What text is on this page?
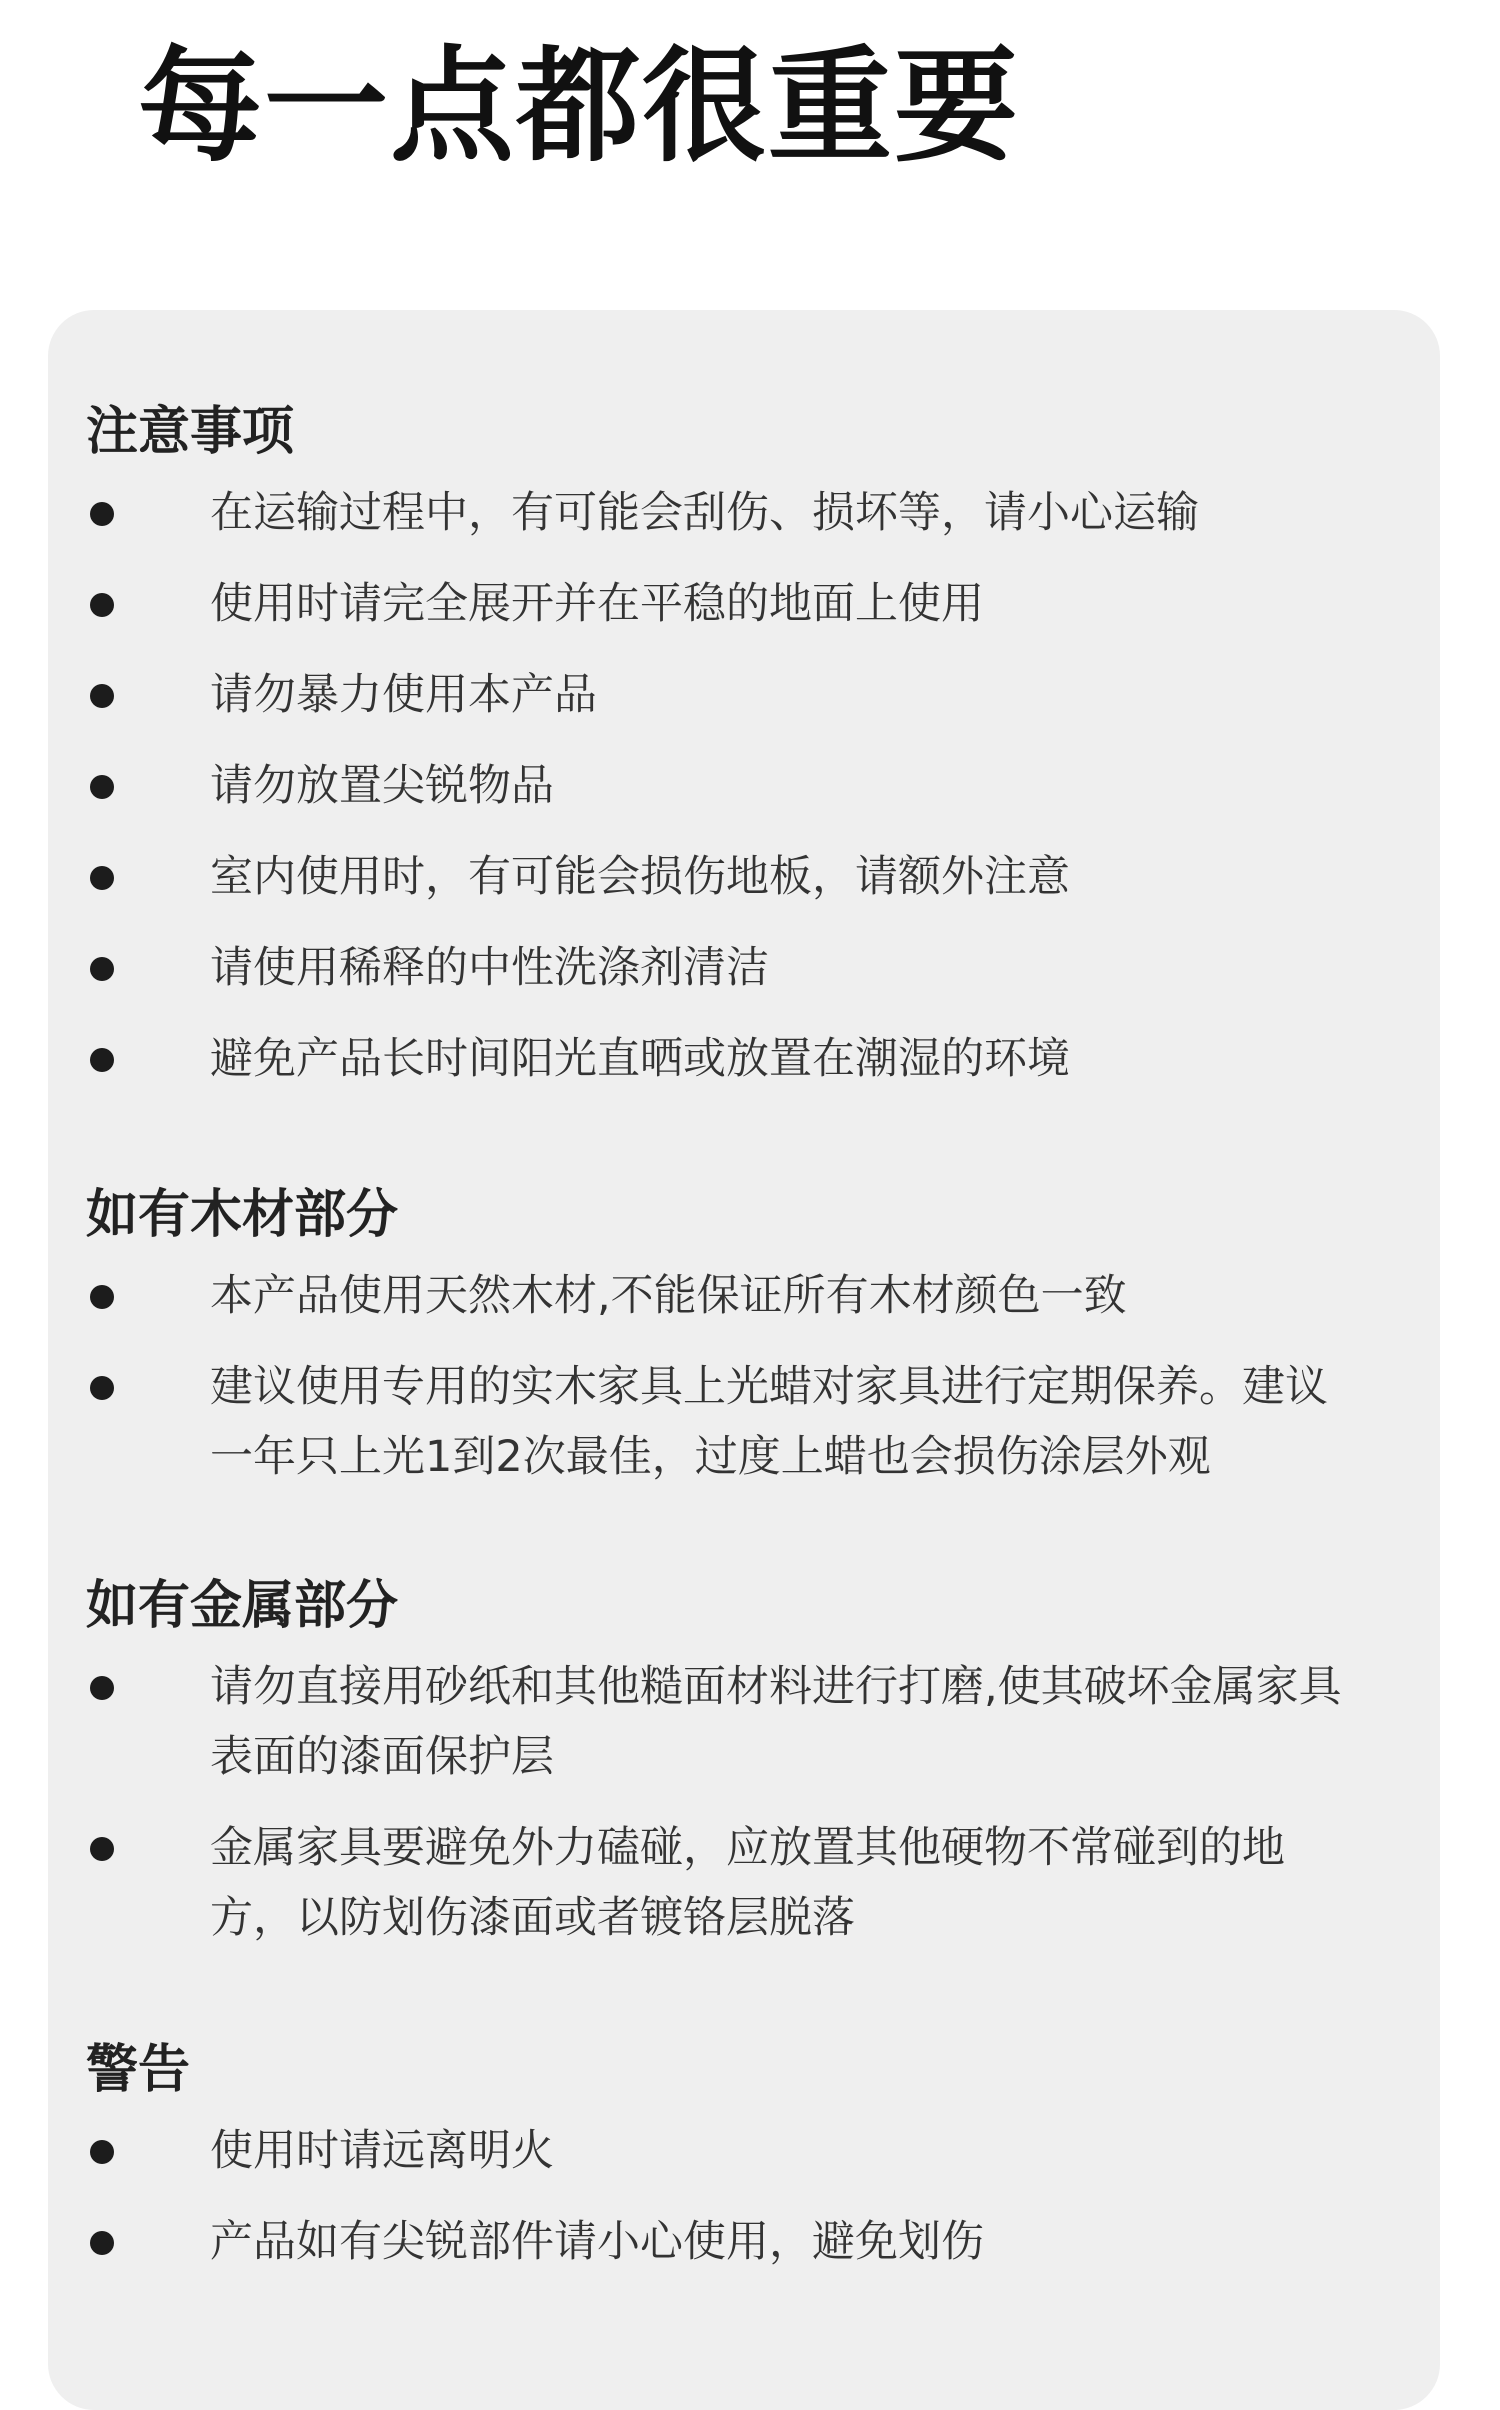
每一点都很重要
注意事项
在运输过程中，有可能会刮伤、损坏等，请小心运输
使用时请完全展开并在平稳的地面上使用
请勿暴力使用本产品
请勿放置尖锐物品
室内使用时，有可能会损伤地板，请额外注意
请使用稀释的中性洗涤剂清洁
避免产品长时间阳光直晒或放置在潮湿的环境
如有木材部分
本产品使用天然木材,不能保证所有木材颜色一致
建议使用专用的实木家具上光蜡对家具进行定期保养。建议一年只上光1到2次最佳，过度上蜡也会损伤涂层外观
如有金属部分
请勿直接用砂纸和其他糙面材料进行打磨,使其破坏金属家具表面的漆面保护层
金属家具要避免外力磕碰，应放置其他硬物不常碰到的地方，以防划伤漆面或者镀铬层脱落
警告
使用时请远离明火
产品如有尖锐部件请小心使用，避免划伤
